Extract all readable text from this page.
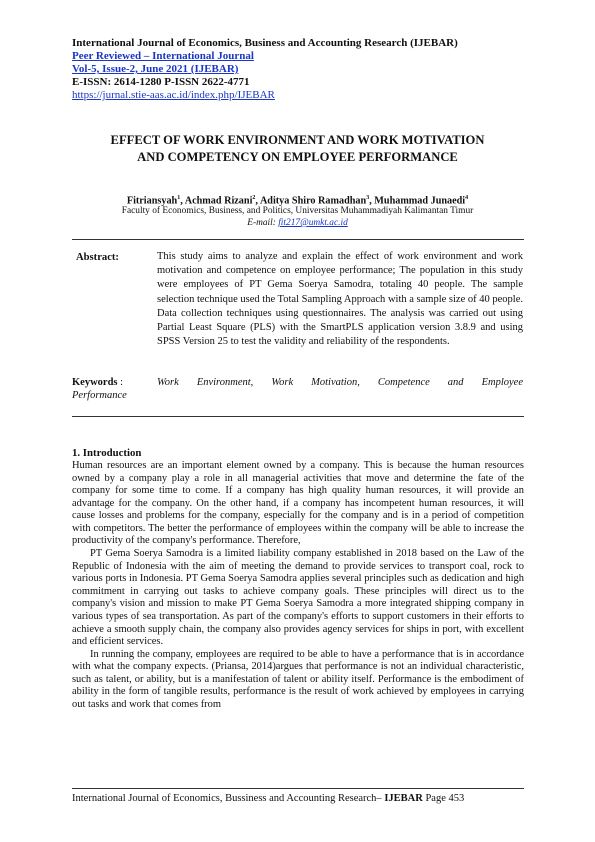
International Journal of Economics, Business and Accounting Research (IJEBAR)
Peer Reviewed – International Journal
Vol-5, Issue-2, June 2021 (IJEBAR)
E-ISSN: 2614-1280 P-ISSN 2622-4771
https://jurnal.stie-aas.ac.id/index.php/IJEBAR
EFFECT OF WORK ENVIRONMENT AND WORK MOTIVATION
AND COMPETENCY ON EMPLOYEE PERFORMANCE
Fitriansyah$^1$, Achmad Rizani$^2$, Aditya Shiro Ramadhan$^3$, Muhammad Junaedi$^4$
Faculty of Economics, Business, and Politics, Universitas Muhammadiyah Kalimantan Timur
E-mail: fit217@umkt.ac.id
Abstract:	This study aims to analyze and explain the effect of work environment and work motivation and competence on employee performance; The population in this study were employees of PT Gema Soerya Samodra, totaling 40 people. The sample selection technique used the Total Sampling Approach with a sample size of 40 people. Data collection techniques using questionnaires. The analysis was carried out using Partial Least Square (PLS) with the SmartPLS application version 3.8.9 and using SPSS Version 25 to test the validity and reliability of the respondents.
Keywords :	Work Environment, Work Motivation, Competence and Employee
Performance
1. Introduction

Human resources are an important element owned by a company. This is because the human resources owned by a company play a role in all managerial activities that move and determine the fate of the company for some time to come. If a company has high quality human resources, it will provide an advantage for the company. On the other hand, if a company has incompetent human resources, it will cause losses and problems for the company, especially for the company and is in a period of competition with competitors. The better the performance of employees within the company will be able to increase the productivity of the company's performance. Therefore,

PT Gema Soerya Samodra is a limited liability company established in 2018 based on the Law of the Republic of Indonesia with the aim of meeting the demand to provide services to transport coal, rock to various ports in Indonesia. PT Gema Soerya Samodra applies several principles such as dedication and high commitment in carrying out tasks to achieve company goals. These principles will direct us to the company's vision and mission to make PT Gema Soerya Samodra a more integrated shipping company in various types of sea transportation. As part of the company's efforts to support customers in their efforts to achieve a smooth supply chain, the company also provides agency services for ships in port, with excellent and efficient services.

In running the company, employees are required to be able to have a performance that is in accordance with what the company expects. (Priansa, 2014)argues that performance is not an individual characteristic, such as talent, or ability, but is a manifestation of talent or ability itself. Performance is the embodiment of ability in the form of tangible results, performance is the result of work achieved by employees in carrying out tasks and work that comes from

International Journal of Economics, Bussiness and Accounting Research– IJEBAR Page 453
